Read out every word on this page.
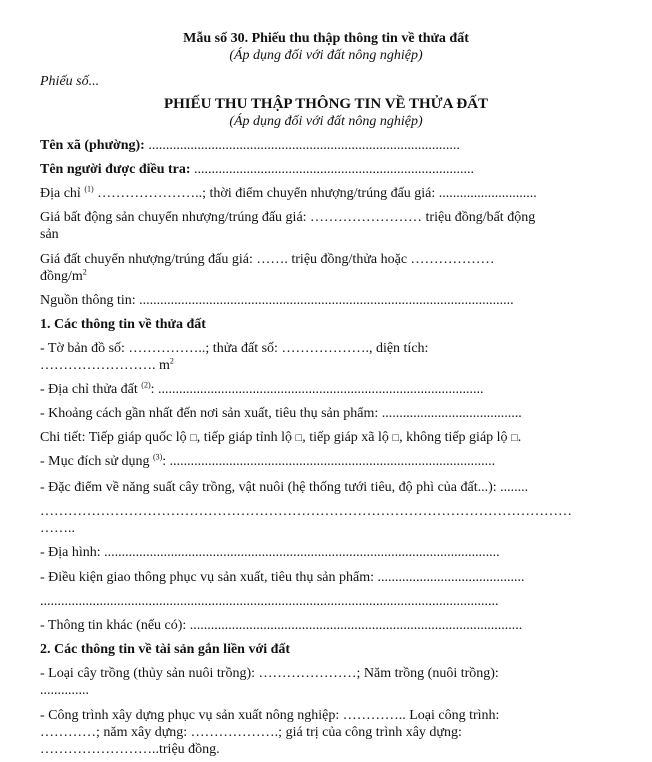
Mẫu số 30. Phiếu thu thập thông tin về thửa đất
(Áp dụng đối với đất nông nghiệp)
Phiếu số...
PHIẾU THU THẬP THÔNG TIN VỀ THỬA ĐẤT
(Áp dụng đối với đất nông nghiệp)
Tên xã (phường): .........................................................................................
Tên người được điều tra: ................................................................................
Địa chỉ $^{(1)}$ …………………..; thời điểm chuyển nhượng/trúng đấu giá: ............................
Giá bất động sản chuyển nhượng/trúng đấu giá: …………………… triệu đồng/bất động
sản
Giá đất chuyển nhượng/trúng đấu giá: ……. triệu đồng/thửa hoặc ………………
đồng/$m^2$
Nguồn thông tin: ...........................................................................................................
1. Các thông tin về thửa đất
- Tờ bản đồ số: ……………..; thửa đất số: ………………., diện tích:
……………………. $m^2$
- Địa chỉ thửa đất $^{(2)}$: .............................................................................................
- Khoảng cách gần nhất đến nơi sản xuất, tiêu thụ sản phẩm: ........................................
Chi tiết: Tiếp giáp quốc lộ □, tiếp giáp tỉnh lộ □, tiếp giáp xã lộ □, không tiếp giáp lộ □.
- Mục đích sử dụng $^{(3)}$: .............................................................................................
- Đặc điểm về năng suất cây trồng, vật nuôi (hệ thống tưới tiêu, độ phì của đất...): ........
……………………………………………………………………………………………………
……..
- Địa hình: .................................................................................................................
- Điều kiện giao thông phục vụ sản xuất, tiêu thụ sản phẩm: ..........................................
...................................................................................................................................
- Thông tin khác (nếu có): ...............................................................................................
2. Các thông tin về tài sản gắn liền với đất
- Loại cây trồng (thủy sản nuôi trồng): …………………; Năm trồng (nuôi trồng):
..............
- Công trình xây dựng phục vụ sản xuất nông nghiệp: ………….. Loại công trình:
…………; năm xây dựng: ……………….; giá trị của công trình xây dựng:
……………………..triệu đồng.
